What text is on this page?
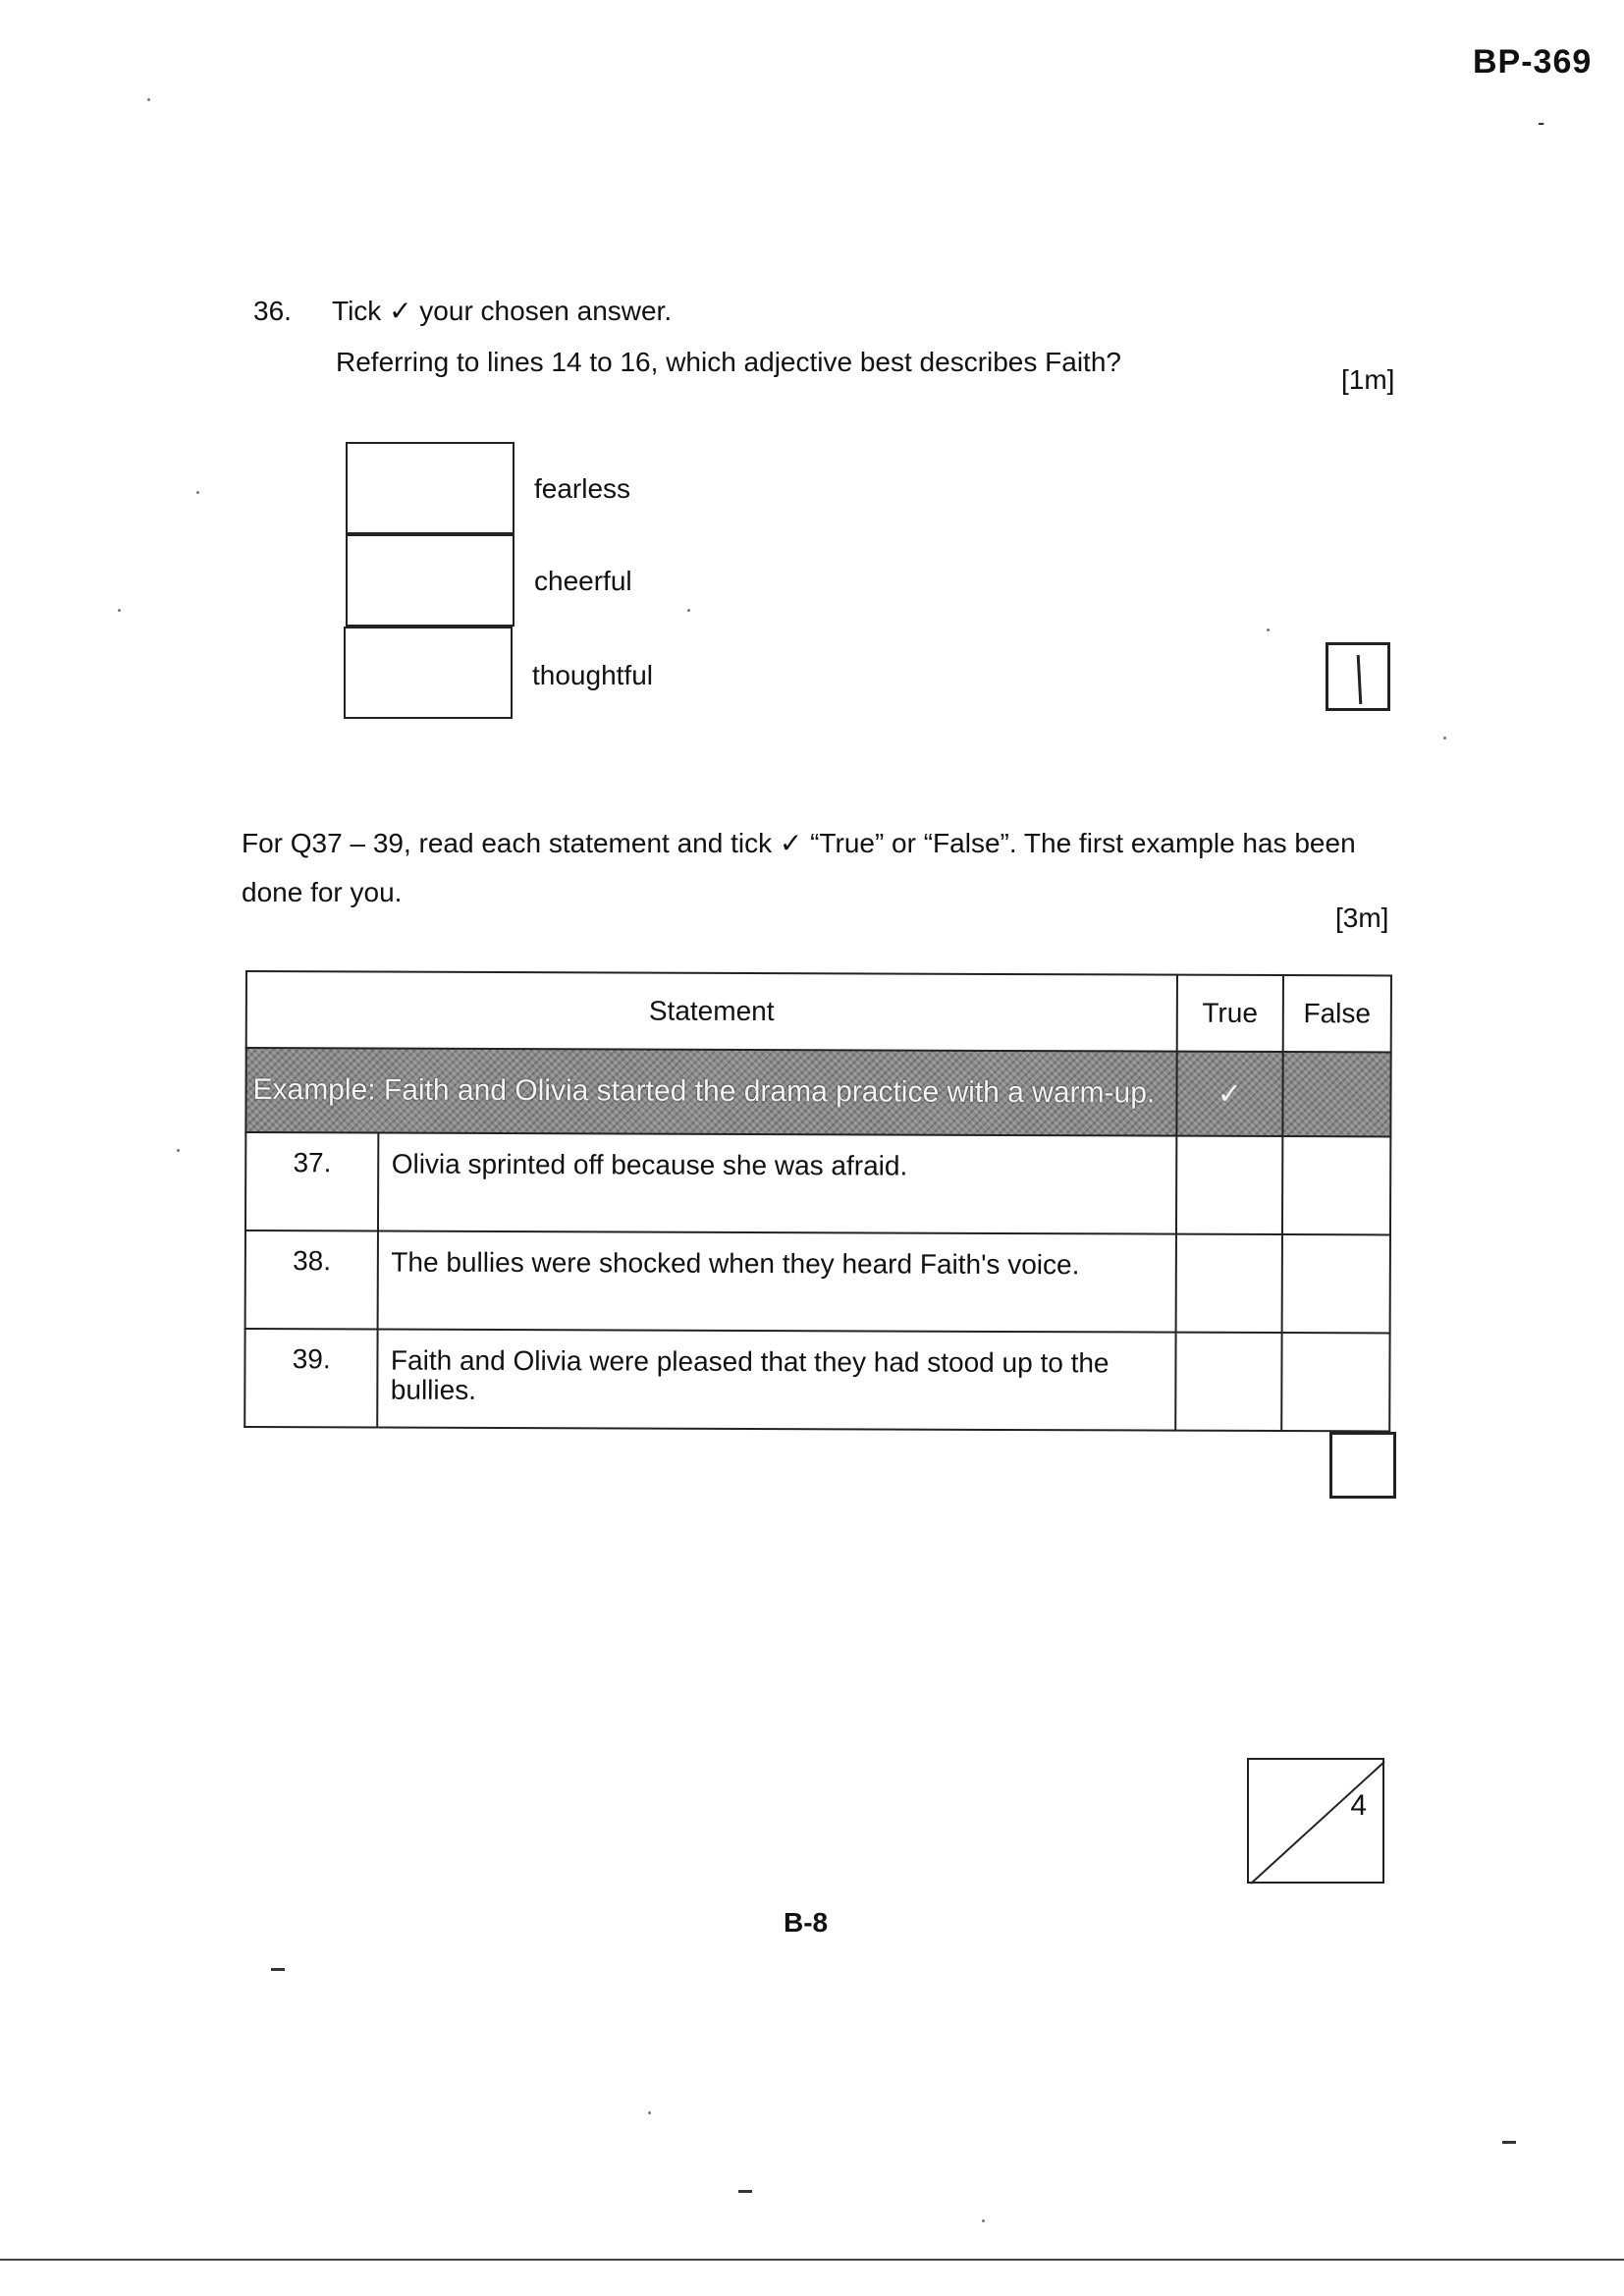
BP-369
-
36. Tick ✓ your chosen answer.
Referring to lines 14 to 16, which adjective best describes Faith?
[1m]
fearless
cheerful
thoughtful
For Q37 – 39, read each statement and tick ✓ “True” or “False”. The first example has been
done for you.
[3m]
Statement		True	False
Example: Faith and Olivia started the drama practice with a warm-up.		✓	
37.	Olivia sprinted off because she was afraid.		
38.	The bullies were shocked when they heard Faith's voice.		
39.	Faith and Olivia were pleased that they had stood up to the bullies.		
4
B-8
